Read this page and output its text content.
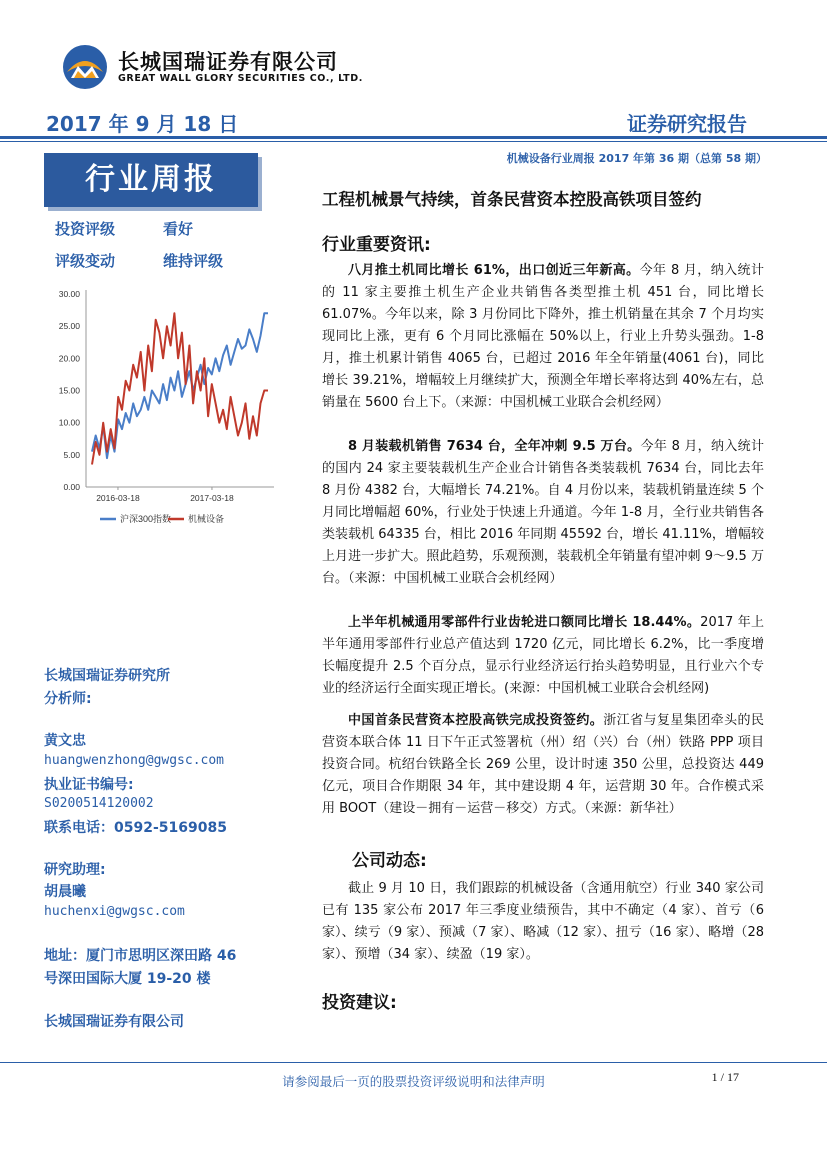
长城国瑞证券有限公司
GREAT WALL GLORY SECURITIES CO., LTD.
2017 年 9 月 18 日	证券研究报告
行业周报
机械设备行业周报 2017 年第 36 期（总第 58 期）
投资评级	看好
评级变动	维持评级
30.00
25.00
20.00
15.00
10.00
5.00
0.00
2016-03-18	2017-03-18
沪深300指数 机械设备
长城国瑞证券研究所
分析师:
黄文忠
huangwenzhong@gwgsc.com
执业证书编号:
S0200514120002
联系电话：0592-5169085
研究助理:
胡晨曦
huchenxi@gwgsc.com
地址：厦门市思明区深田路 46
号深田国际大厦 19-20 楼
长城国瑞证券有限公司
工程机械景气持续，首条民营资本控股高铁项目签约
行业重要资讯:

八月推土机同比增长 61%，出口创近三年新高。今年 8 月，纳入统计的 11 家主要推土机生产企业共销售各类型推土机 451 台，同比增长 61.07%。今年以来，除 3 月份同比下降外，推土机销量在其余 7 个月均实现同比上涨，更有 6 个月同比涨幅在 50%以上，行业上升势头强劲。1-8 月，推土机累计销售 4065 台，已超过 2016 年全年销量(4061 台)，同比增长 39.21%，增幅较上月继续扩大，预测全年增长率将达到 40%左右，总销量在 5600 台上下。（来源：中国机械工业联合会机经网）

8 月装载机销售 7634 台，全年冲刺 9.5 万台。今年 8 月，纳入统计的国内 24 家主要装载机生产企业合计销售各类装载机 7634 台，同比去年 8 月份 4382 台，大幅增长 74.21%。自 4 月份以来，装载机销量连续 5 个月同比增幅超 60%，行业处于快速上升通道。今年 1-8 月，全行业共销售各类装载机 64335 台，相比 2016 年同期 45592 台，增长 41.11%，增幅较上月进一步扩大。照此趋势，乐观预测，装载机全年销量有望冲刺 9～9.5 万台。（来源：中国机械工业联合会机经网）

上半年机械通用零部件行业齿轮进口额同比增长 18.44%。2017 年上半年通用零部件行业总产值达到 1720 亿元，同比增长 6.2%，比一季度增长幅度提升 2.5 个百分点，显示行业经济运行抬头趋势明显，且行业六个专业的经济运行全面实现正增长。(来源：中国机械工业联合会机经网)

中国首条民营资本控股高铁完成投资签约。浙江省与复星集团牵头的民营资本联合体 11 日下午正式签署杭（州）绍（兴）台（州）铁路 PPP 项目投资合同。杭绍台铁路全长 269 公里，设计时速 350 公里，总投资达 449 亿元，项目合作期限 34 年，其中建设期 4 年，运营期 30 年。合作模式采用 BOOT（建设－拥有－运营－移交）方式。（来源：新华社）

公司动态:

截止 9 月 10 日，我们跟踪的机械设备（含通用航空）行业 340 家公司已有 135 家公布 2017 年三季度业绩预告，其中不确定（4 家）、首亏（6 家）、续亏（9 家）、预减（7 家）、略减（12 家）、扭亏（16 家）、略增（28 家）、预增（34 家）、续盈（19 家）。

投资建议:
请参阅最后一页的股票投资评级说明和法律声明	1 / 17
